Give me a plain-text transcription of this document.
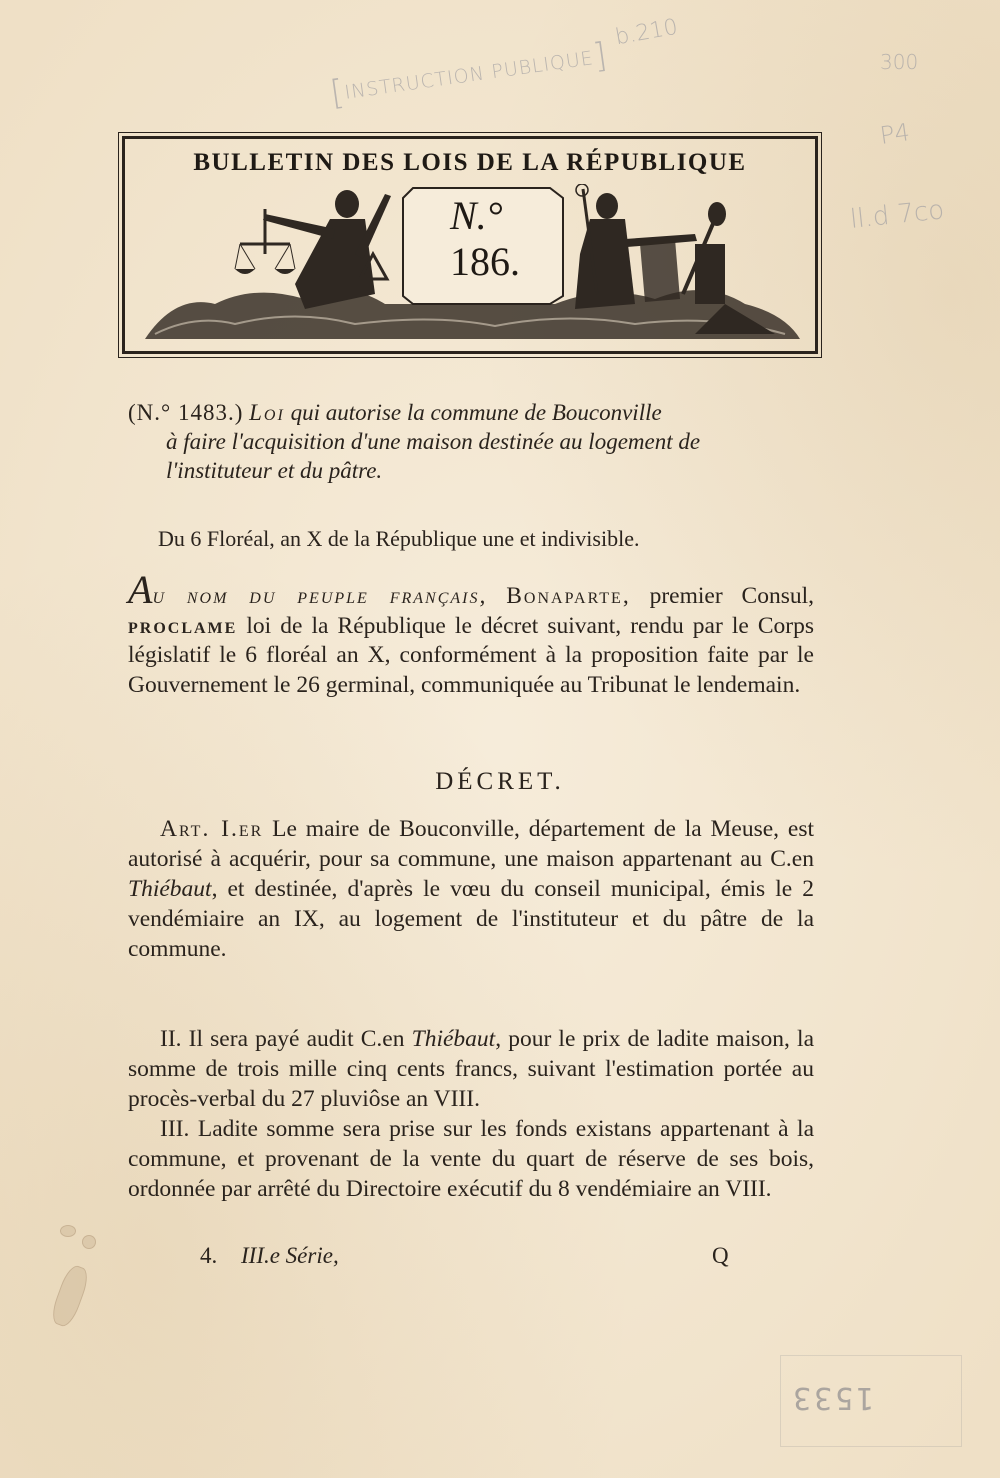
[INSTRUCTION PUBLIQUE]
b.210
300
P4
ll.d 7co
BULLETIN DES LOIS DE LA RÉPUBLIQUE
N.°
186.
(N.° 1483.) Loi qui autorise la commune de Bouconville
à faire l'acquisition d'une maison destinée au logement de
l'instituteur et du pâtre.
Du 6 Floréal, an X de la République une et indivisible.
Au nom du peuple français, Bonaparte, premier Consul, proclame loi de la République le décret suivant, rendu par le Corps législatif le 6 floréal an X, conformément à la proposition faite par le Gouvernement le 26 germinal, communiquée au Tribunat le lendemain.
DÉCRET.
Art. I.er Le maire de Bouconville, département de la Meuse, est autorisé à acquérir, pour sa commune, une maison appartenant au C.en Thiébaut, et destinée, d'après le vœu du conseil municipal, émis le 2 vendémiaire an IX, au logement de l'instituteur et du pâtre de la commune.
II. Il sera payé audit C.en Thiébaut, pour le prix de ladite maison, la somme de trois mille cinq cents francs, suivant l'estimation portée au procès-verbal du 27 pluviôse an VIII.
III. Ladite somme sera prise sur les fonds existans appartenant à la commune, et provenant de la vente du quart de réserve de ses bois, ordonnée par arrêté du Directoire exécutif du 8 vendémiaire an VIII.
4. III.e Série,	Q
1533
